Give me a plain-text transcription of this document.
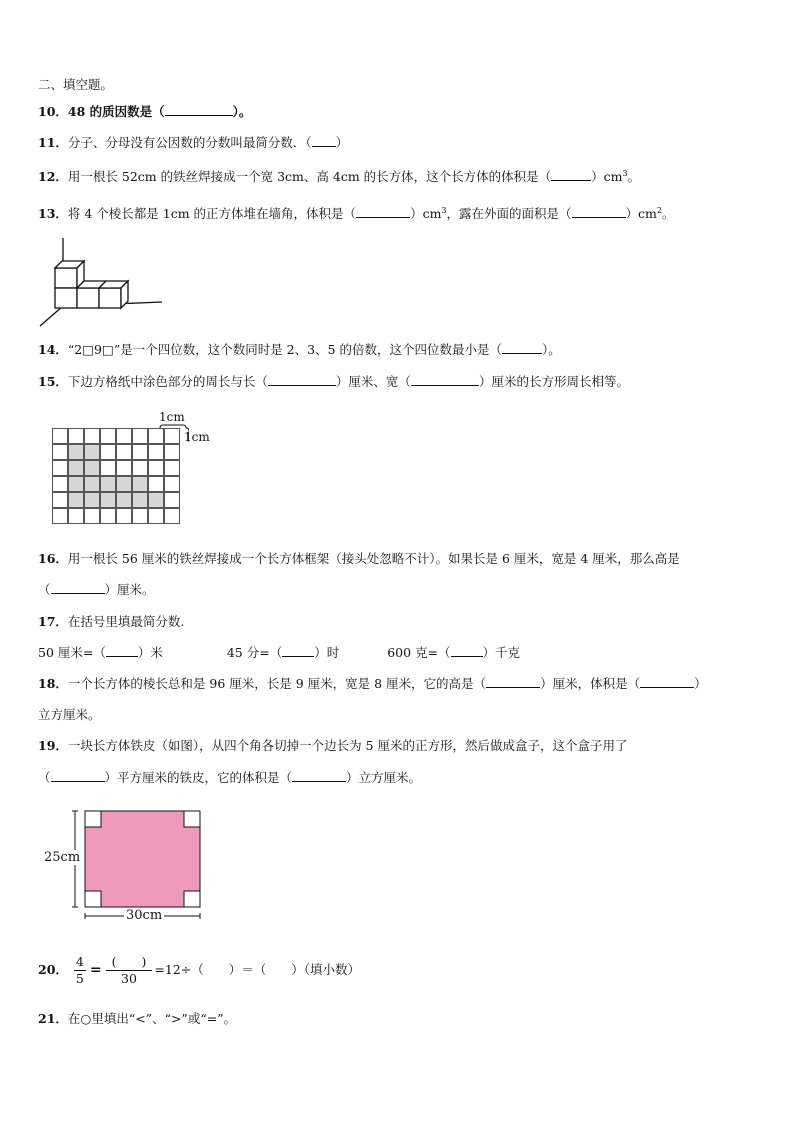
二、填空题。
10．48 的质因数是（	）。
11．分子、分母没有公因数的分数叫最简分数．（ ）
12．用一根长 52cm 的铁丝焊接成一个宽 3cm、高 4cm 的长方体，这个长方体的体积是（	）$cm^3$。
13．将 4 个棱长都是 1cm 的正方体堆在墙角，体积是（	）$cm^3$，露在外面的面积是（	）$cm^2$。
14．“2□9□”是一个四位数，这个数同时是 2、3、5 的倍数，这个四位数最小是（	）。
15．下边方格纸中涂色部分的周长与长（	）厘米、宽（	）厘米的长方形周长相等。
1cm
1cm
16．用一根长 56 厘米的铁丝焊接成一个长方体框架（接头处忽略不计）。如果长是 6 厘米，宽是 4 厘米，那么高是
（	）厘米。
17．在括号里填最简分数.
50 厘米=（	）米	45 分=（	）时	600 克=（	）千克
18．一个长方体的棱长总和是 96 厘米，长是 9 厘米，宽是 8 厘米，它的高是（	）厘米，体积是（	）
立方厘米。
19．一块长方体铁皮（如图），从四个角各切掉一个边长为 5 厘米的正方形，然后做成盒子，这个盒子用了
（	）平方厘米的铁皮，它的体积是（	）立方厘米。
25cm
30cm
20． $\frac{4}{5} = \frac{( )}{30} =12\div$（　　）＝（　　）（填小数）
21．在○里填出“<”、“>”或“=”。
